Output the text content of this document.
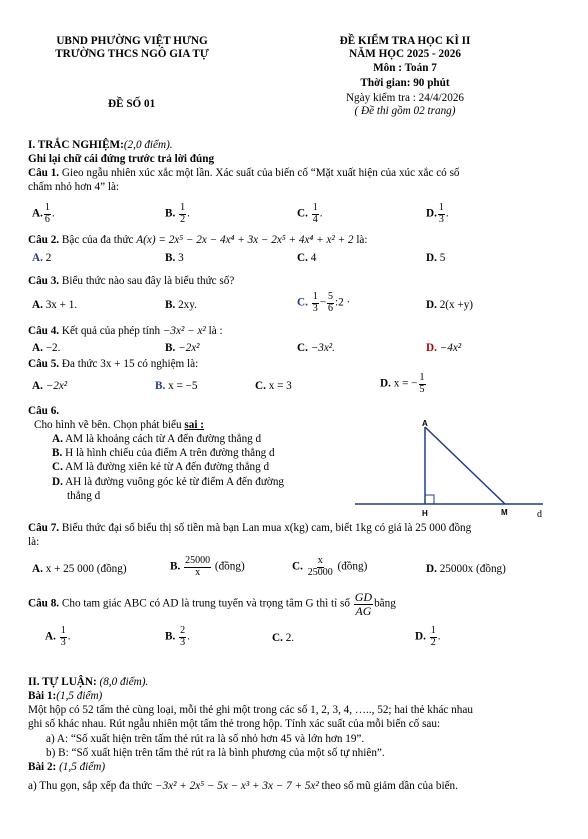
UBND PHƯỜNG VIỆT HƯNG
TRƯỜNG THCS NGÔ GIA TỰ
ĐỀ SỐ 01
ĐỀ KIỂM TRA HỌC KÌ II
NĂM HỌC 2025 - 2026
Môn : Toán 7
Thời gian: 90 phút
Ngày kiểm tra : 24/4/2026
( Đề thi gồm 02 trang)
I. TRẮC NGHIỆM:(2,0 điểm).
Ghi lại chữ cái đứng trước trả lời đúng
Câu 1. Gieo ngẫu nhiên xúc xắc một lần. Xác suất của biến cố “Mặt xuất hiện của xúc xắc có số
chấm nhỏ hơn 4” là:
A. $\frac{1}{6}$ .	B. $\frac{1}{2}$ .	C. $\frac{1}{4}$ .	D. $\frac{1}{3}$ .
Câu 2. Bậc của đa thức A(x) = 2x⁵ − 2x − 4x⁴ + 3x − 2x⁵ + 4x⁴ + x² + 2 là:
A. 2	B. 3	C. 4	D. 5
Câu 3. Biểu thức nào sau đây là biểu thức số?
A. 3x + 1.	B. 2xy.	C. $\frac{1}{3} - \frac{5}{6}$ :2 ·	D. 2(x +y)
Câu 4. Kết quả của phép tính −3x² − x² là :
A. −2.	B. −2x²	C. −3x².	D. −4x²
Câu 5. Đa thức 3x + 15 có nghiệm là:
A. −2x²	B. x = −5	C. x = 3	D. x = − $\frac{1}{5}$
Câu 6.
Cho hình vẽ bên. Chọn phát biểu sai :
A. AM là khoảng cách từ A đến đường thẳng d
B. H là hình chiếu của điểm A trên đường thẳng d
C. AM là đường xiên kẻ từ A đến đường thẳng d
D. AH là đường vuông góc kẻ từ điểm A đến đường
thẳng d
A
H	M	d
Câu 7. Biểu thức đại số biểu thị số tiền mà bạn Lan mua x(kg) cam, biết 1kg có giá là 25 000 đồng
là:
A. x + 25 000 (đồng)	B. $\frac{25000}{x}$ (đồng)	C. $\frac{x}{25000}$ (đồng)	D. 25000x (đồng)
Câu 8. Cho tam giác ABC có AD là trung tuyến và trọng tâm G thì tỉ số $\frac{GD}{AG}$ bằng
A. $\frac{1}{3}$ .	B. $\frac{2}{3}$ .	C. 2.	D. $\frac{1}{2}$ .
II. TỰ LUẬN: (8,0 điểm).
Bài 1:(1,5 điểm)
Một hộp có 52 tấm thẻ cùng loại, mỗi thẻ ghi một trong các số 1, 2, 3, 4, ….., 52; hai thẻ khác nhau
ghi số khác nhau. Rút ngẫu nhiên một tấm thẻ trong hộp. Tính xác suất của mỗi biến cố sau:
a) A: “Số xuất hiện trên tấm thẻ rút ra là số nhỏ hơn 45 và lớn hơn 19”.
b) B: “Số xuất hiện trên tấm thẻ rút ra là bình phương của một số tự nhiên”.
Bài 2: (1,5 điểm)
a) Thu gọn, sắp xếp đa thức −3x² + 2x⁵ − 5x − x³ + 3x − 7 + 5x² theo số mũ giảm dần của biến.
